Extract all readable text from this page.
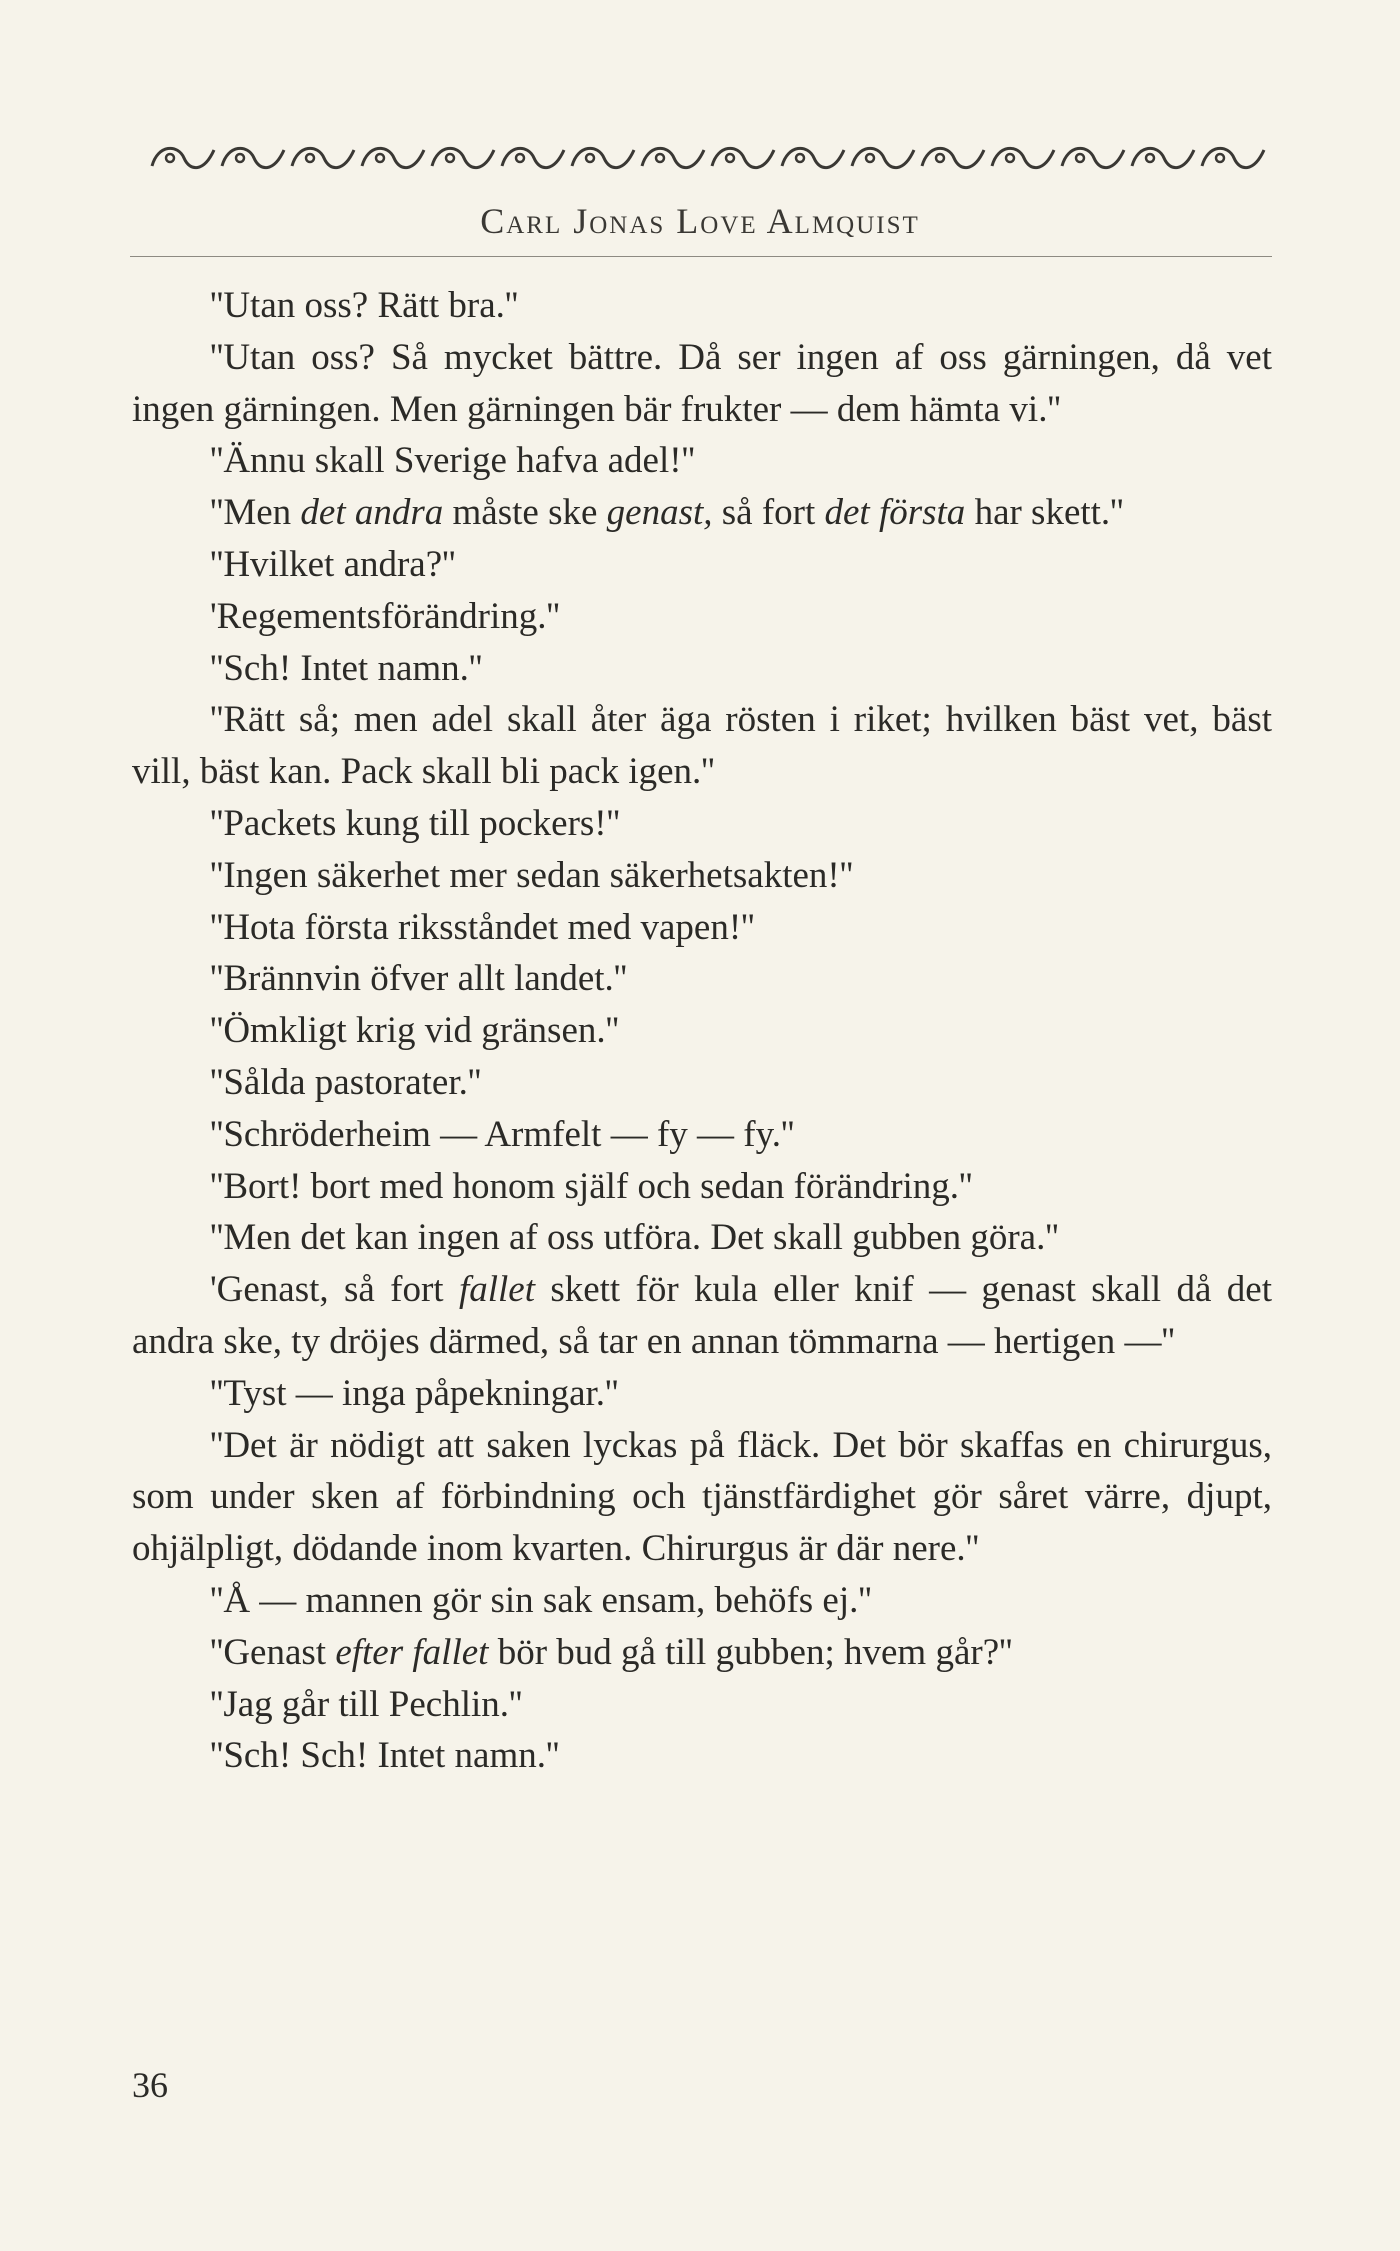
Carl Jonas Love Almquist

''Utan oss? Rätt bra.''

''Utan oss? Så mycket bättre. Då ser ingen af oss gärningen, då vet ingen gärningen. Men gärningen bär frukter — dem hämta vi.''

''Ännu skall Sverige hafva adel!''

''Men det andra måste ske genast, så fort det första har skett.''

''Hvilket andra?''

'Regementsförändring.''

''Sch! Intet namn.''

''Rätt så; men adel skall åter äga rösten i riket; hvilken bäst vet, bäst vill, bäst kan. Pack skall bli pack igen.''

''Packets kung till pockers!''

''Ingen säkerhet mer sedan säkerhetsakten!''

''Hota första riksståndet med vapen!''

''Brännvin öfver allt landet.''

''Ömkligt krig vid gränsen.''

''Sålda pastorater.''

''Schröderheim — Armfelt — fy — fy.''

''Bort! bort med honom själf och sedan förändring.''

''Men det kan ingen af oss utföra. Det skall gubben göra.''

'Genast, så fort fallet skett för kula eller knif — genast skall då det andra ske, ty dröjes därmed, så tar en annan tömmarna — hertigen —''

''Tyst — inga påpekningar.''

''Det är nödigt att saken lyckas på fläck. Det bör skaffas en chirurgus, som under sken af förbindning och tjänstfärdighet gör såret värre, djupt, ohjälpligt, dödande inom kvarten. Chirurgus är där nere.''

''Å — mannen gör sin sak ensam, behöfs ej.''

''Genast efter fallet bör bud gå till gubben; hvem går?''

''Jag går till Pechlin.''

''Sch! Sch! Intet namn.''

36
